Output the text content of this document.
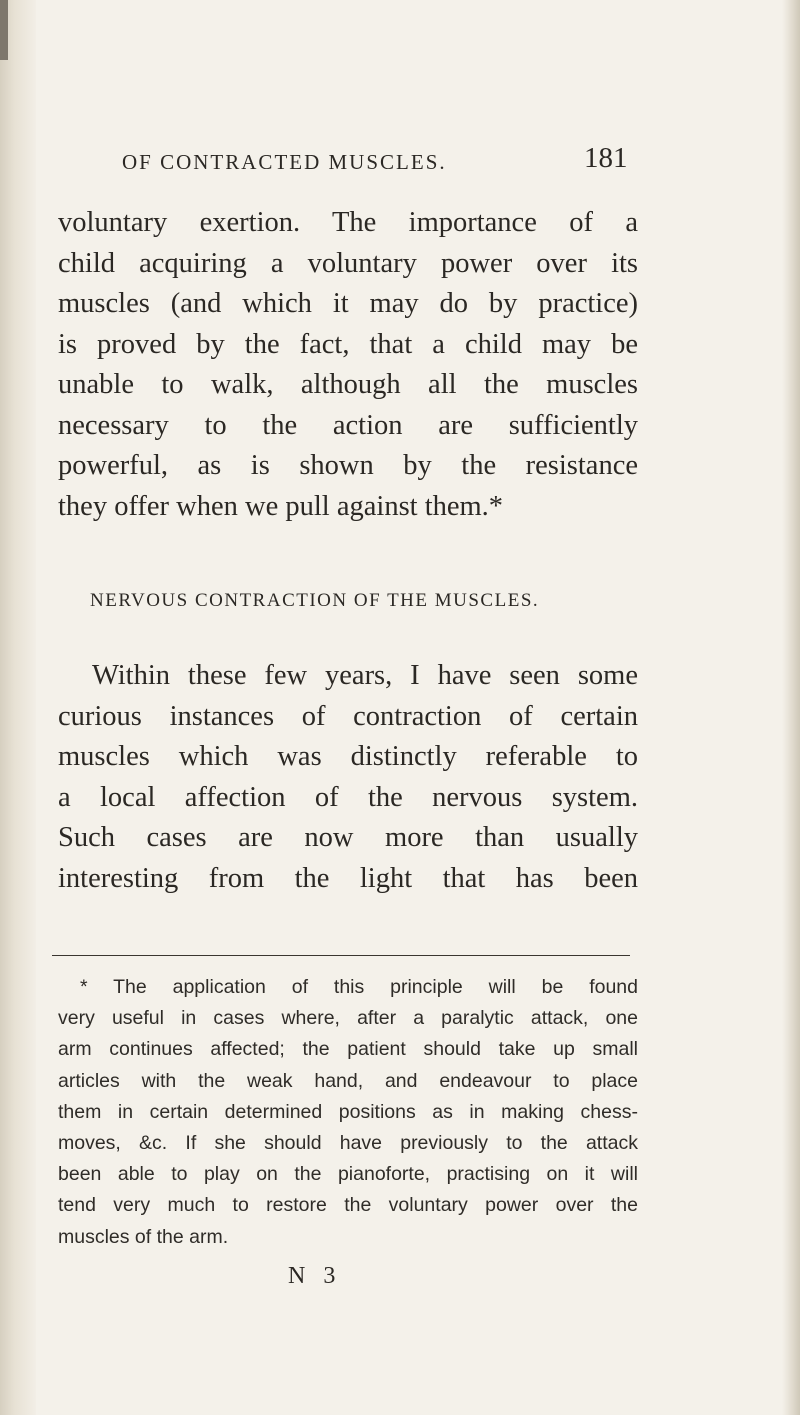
OF CONTRACTED MUSCLES.	181
voluntary exertion. The importance of a
child acquiring a voluntary power over its
muscles (and which it may do by practice)
is proved by the fact, that a child may be
unable to walk, although all the muscles
necessary to the action are sufficiently
powerful, as is shown by the resistance
they offer when we pull against them.*
NERVOUS CONTRACTION OF THE MUSCLES.
Within these few years, I have seen some
curious instances of contraction of certain
muscles which was distinctly referable to
a local affection of the nervous system.
Such cases are now more than usually
interesting from the light that has been
* The application of this principle will be found
very useful in cases where, after a paralytic attack, one
arm continues affected; the patient should take up small
articles with the weak hand, and endeavour to place
them in certain determined positions as in making chess-
moves, &c. If she should have previously to the attack
been able to play on the pianoforte, practising on it will
tend very much to restore the voluntary power over the
muscles of the arm.
N 3
